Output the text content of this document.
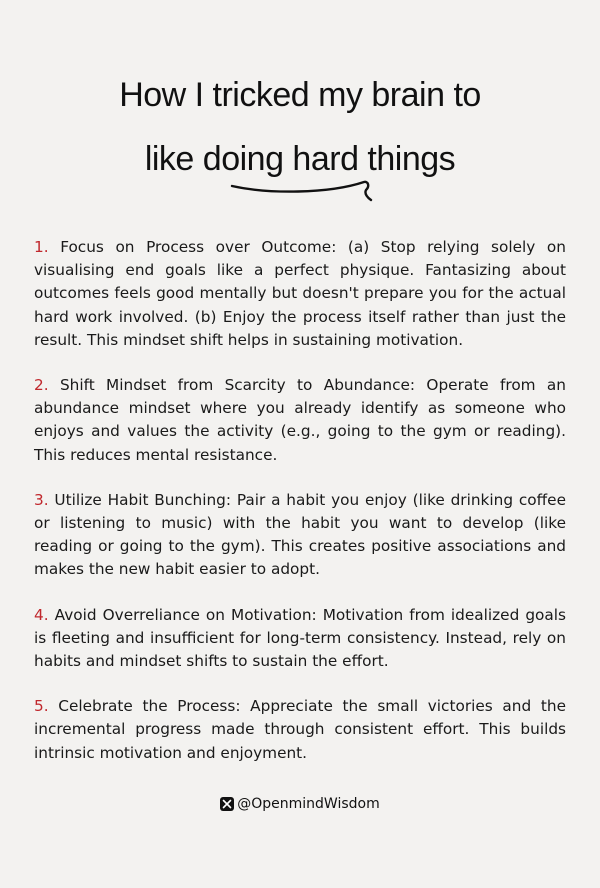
How I tricked my brain to
like doing hard things

1. Focus on Process over Outcome: (a) Stop relying solely on visualising end goals like a perfect physique. Fantasizing about outcomes feels good mentally but doesn't prepare you for the actual hard work involved. (b) Enjoy the process itself rather than just the result. This mindset shift helps in sustaining motivation.

2. Shift Mindset from Scarcity to Abundance: Operate from an abundance mindset where you already identify as someone who enjoys and values the activity (e.g., going to the gym or reading). This reduces mental resistance.

3. Utilize Habit Bunching: Pair a habit you enjoy (like drinking coffee or listening to music) with the habit you want to develop (like reading or going to the gym). This creates positive associations and makes the new habit easier to adopt.

4. Avoid Overreliance on Motivation: Motivation from idealized goals is fleeting and insufficient for long-term consistency. Instead, rely on habits and mindset shifts to sustain the effort.

5. Celebrate the Process: Appreciate the small victories and the incremental progress made through consistent effort. This builds intrinsic motivation and enjoyment.

@OpenmindWisdom
